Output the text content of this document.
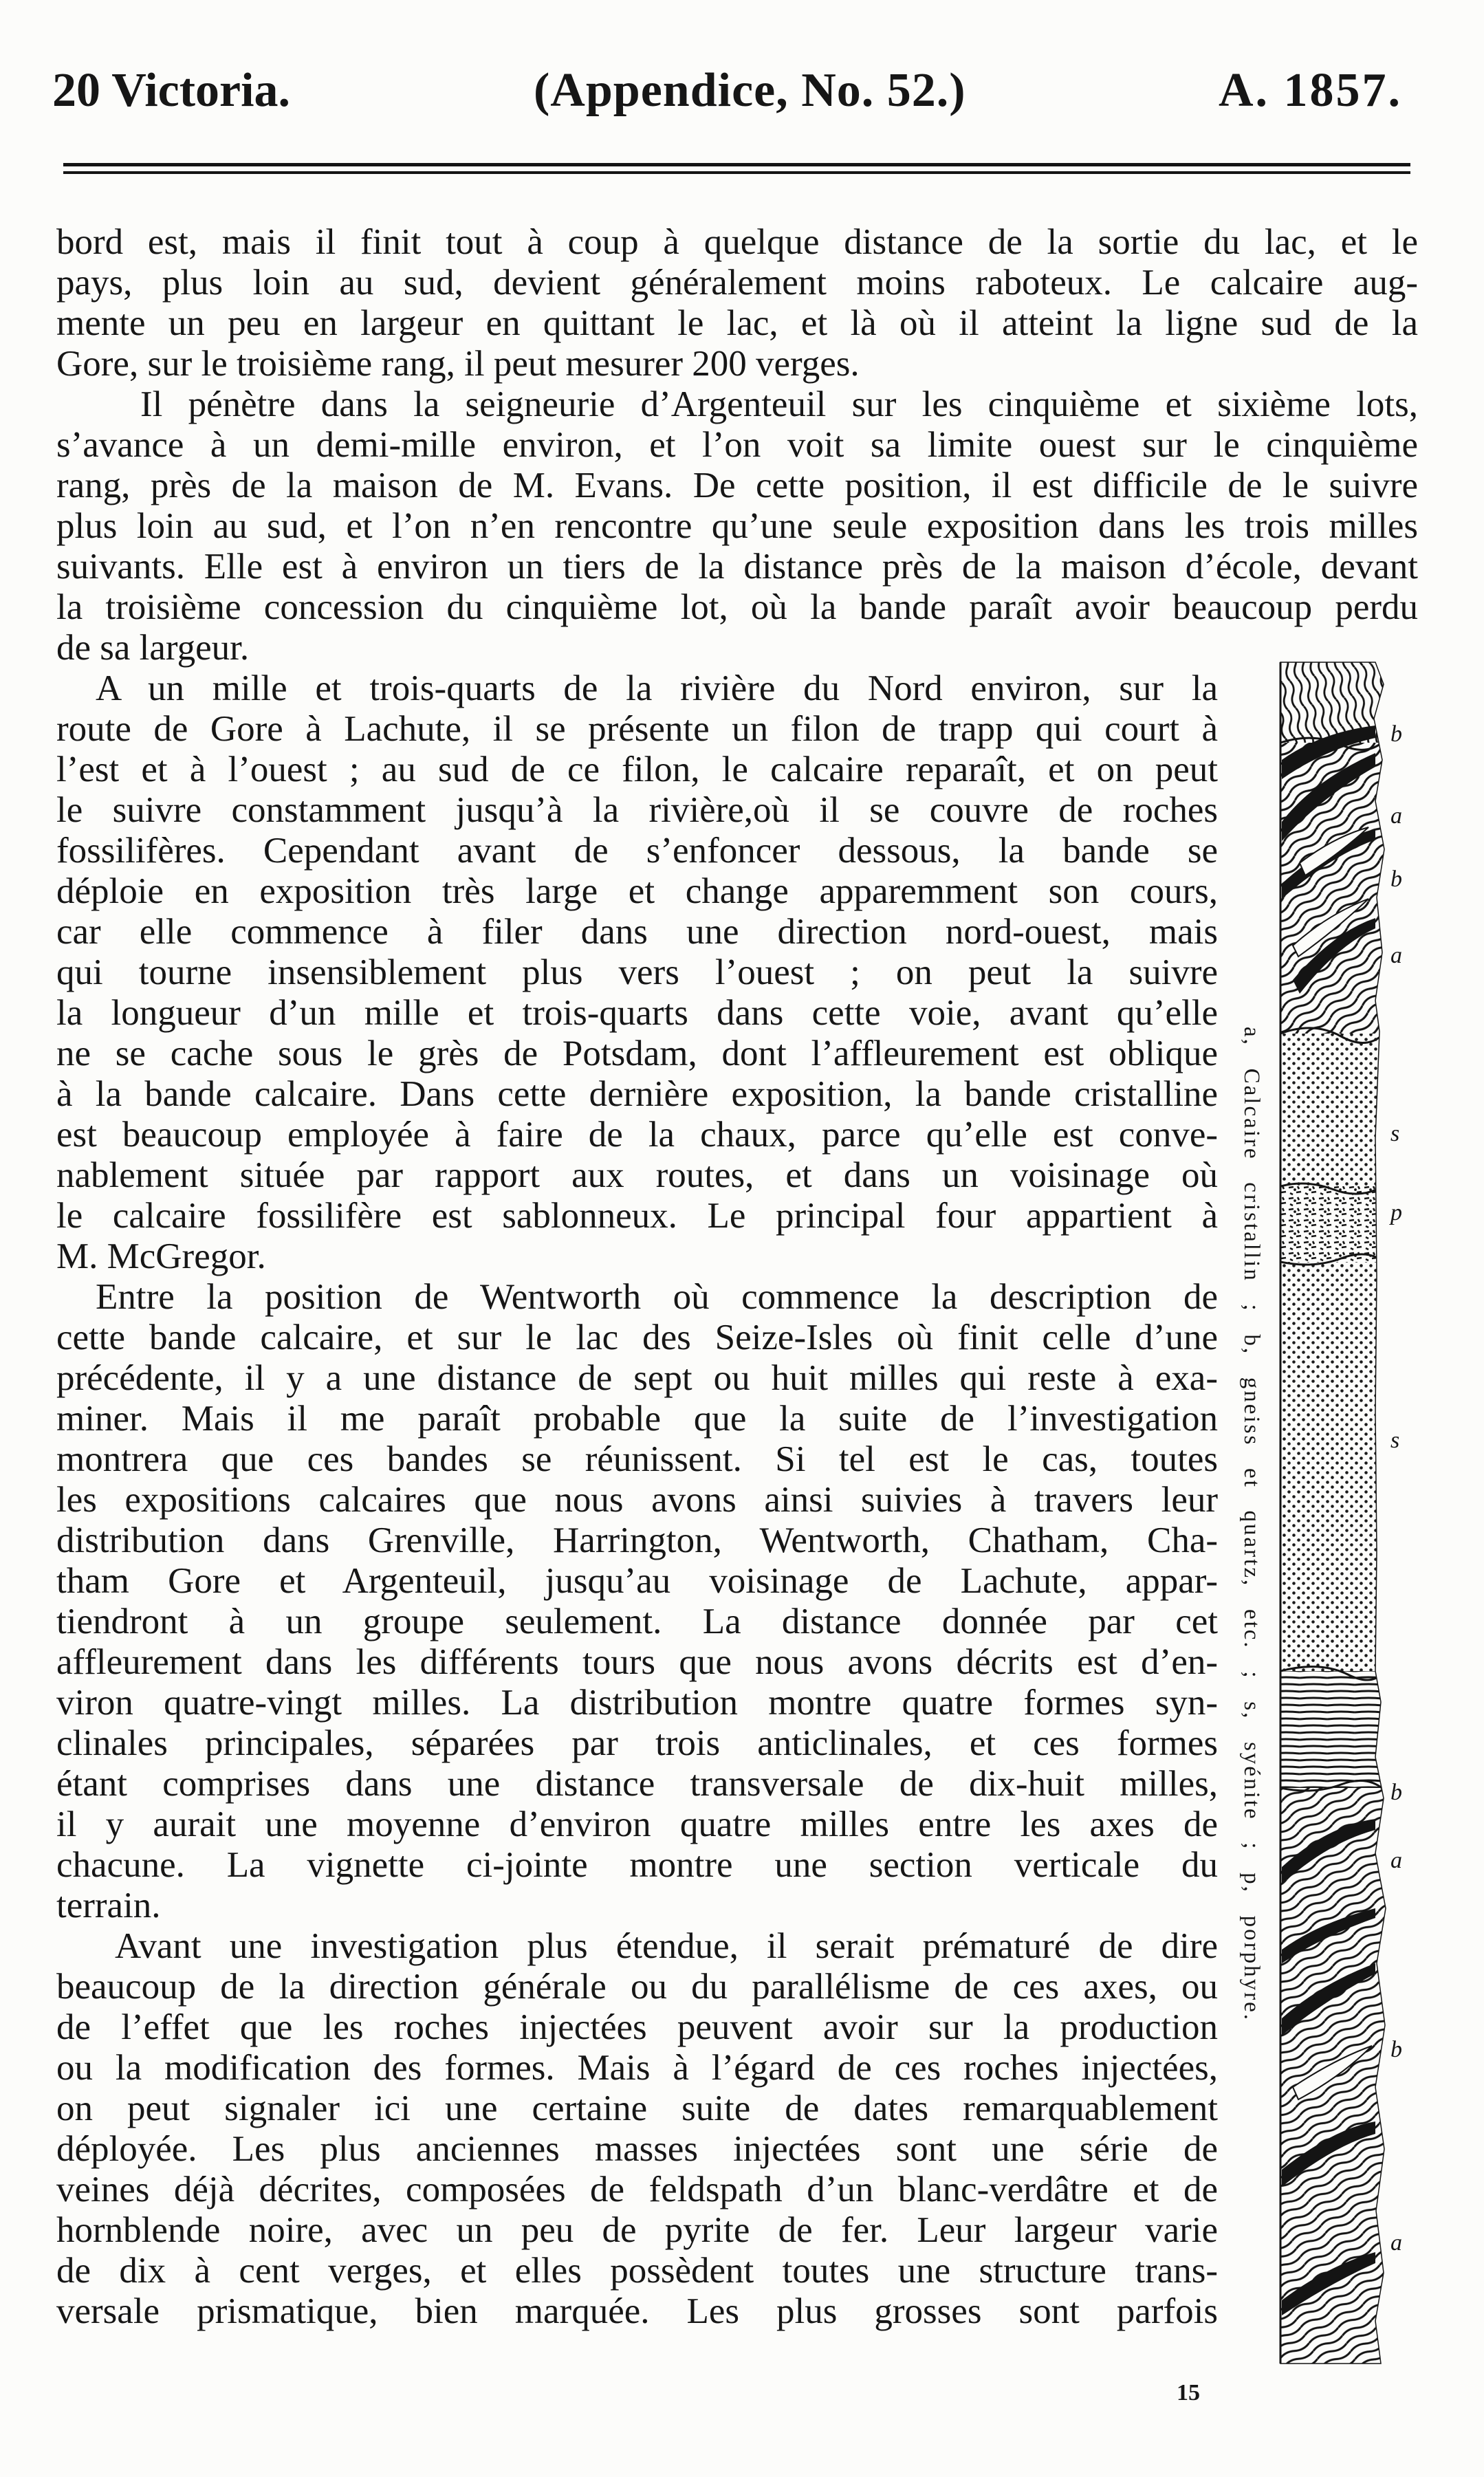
20 Victoria.	(Appendice, No. 52.)	A. 1857.
bord est, mais il finit tout à coup à quelque distance de la sortie du lac, et le
pays, plus loin au sud, devient généralement moins raboteux. Le calcaire aug-
mente un peu en largeur en quittant le lac, et là où il atteint la ligne sud de la
Gore, sur le troisième rang, il peut mesurer 200 verges.
Il pénètre dans la seigneurie d’Argenteuil sur les cinquième et sixième lots,
s’avance à un demi-mille environ, et l’on voit sa limite ouest sur le cinquième
rang, près de la maison de M. Evans. De cette position, il est difficile de le suivre
plus loin au sud, et l’on n’en rencontre qu’une seule exposition dans les trois milles
suivants. Elle est à environ un tiers de la distance près de la maison d’école, devant
la troisième concession du cinquième lot, où la bande paraît avoir beaucoup perdu
de sa largeur.
A un mille et trois-quarts de la rivière du Nord environ, sur la
route de Gore à Lachute, il se présente un filon de trapp qui court à
l’est et à l’ouest ; au sud de ce filon, le calcaire reparaît, et on peut
le suivre constamment jusqu’à la rivière,où il se couvre de roches
fossilifères. Cependant avant de s’enfoncer dessous, la bande se
déploie en exposition très large et change apparemment son cours,
car elle commence à filer dans une direction nord-ouest, mais
qui tourne insensiblement plus vers l’ouest ; on peut la suivre
la longueur d’un mille et trois-quarts dans cette voie, avant qu’elle
ne se cache sous le grès de Potsdam, dont l’affleurement est oblique
à la bande calcaire. Dans cette dernière exposition, la bande cristalline
est beaucoup employée à faire de la chaux, parce qu’elle est conve-
nablement située par rapport aux routes, et dans un voisinage où
le calcaire fossilifère est sablonneux. Le principal four appartient à
M. McGregor.
Entre la position de Wentworth où commence la description de
cette bande calcaire, et sur le lac des Seize-Isles où finit celle d’une
précédente, il y a une distance de sept ou huit milles qui reste à exa-
miner. Mais il me paraît probable que la suite de l’investigation
montrera que ces bandes se réunissent. Si tel est le cas, toutes
les expositions calcaires que nous avons ainsi suivies à travers leur
distribution dans Grenville, Harrington, Wentworth, Chatham, Cha-
tham Gore et Argenteuil, jusqu’au voisinage de Lachute, appar-
tiendront à un groupe seulement. La distance donnée par cet
affleurement dans les différents tours que nous avons décrits est d’en-
viron quatre-vingt milles. La distribution montre quatre formes syn-
clinales principales, séparées par trois anticlinales, et ces formes
étant comprises dans une distance transversale de dix-huit milles,
il y aurait une moyenne d’environ quatre milles entre les axes de
chacune. La vignette ci-jointe montre une section verticale du
terrain.
Avant une investigation plus étendue, il serait prématuré de dire
beaucoup de la direction générale ou du parallélisme de ces axes, ou
de l’effet que les roches injectées peuvent avoir sur la production
ou la modification des formes. Mais à l’égard de ces roches injectées,
on peut signaler ici une certaine suite de dates remarquablement
déployée. Les plus anciennes masses injectées sont une série de
veines déjà décrites, composées de feldspath d’un blanc-verdâtre et de
hornblende noire, avec un peu de pyrite de fer. Leur largeur varie
de dix à cent verges, et elles possèdent toutes une structure trans-
versale prismatique, bien marquée. Les plus grosses sont parfois
a, Calcaire cristallin ; b, gneiss et quartz, etc. ; s, syénite ; p, porphyre.
b
a
b
a
s
p
s
b
a
b
a
15
